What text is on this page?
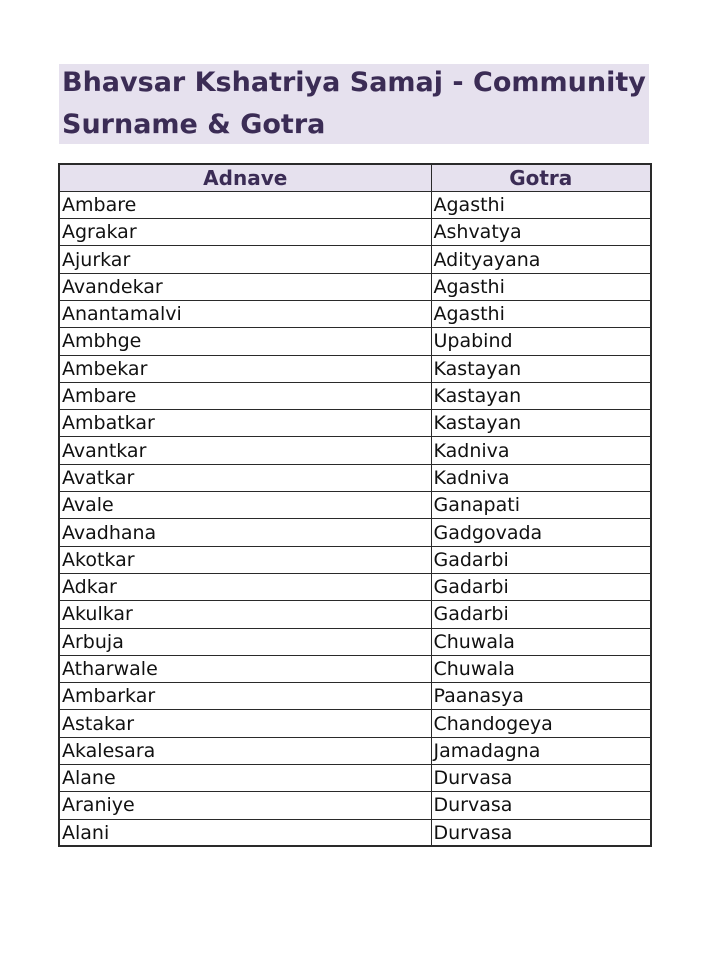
Bhavsar Kshatriya Samaj - Community
Surname & Gotra
Adnave	Gotra
Ambare	Agasthi
Agrakar	Ashvatya
Ajurkar	Adityayana
Avandekar	Agasthi
Anantamalvi	Agasthi
Ambhge	Upabind
Ambekar	Kastayan
Ambare	Kastayan
Ambatkar	Kastayan
Avantkar	Kadniva
Avatkar	Kadniva
Avale	Ganapati
Avadhana	Gadgovada
Akotkar	Gadarbi
Adkar	Gadarbi
Akulkar	Gadarbi
Arbuja	Chuwala
Atharwale	Chuwala
Ambarkar	Paanasya
Astakar	Chandogeya
Akalesara	Jamadagna
Alane	Durvasa
Araniye	Durvasa
Alani	Durvasa
